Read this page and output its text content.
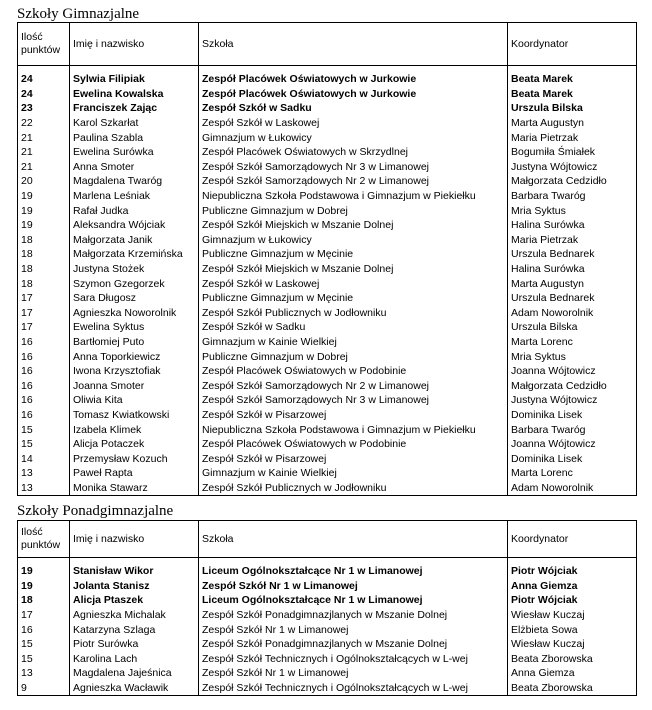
Szkoły Gimnazjalne
Ilość punktów	Imię i nazwisko	Szkoła	Koordynator

24	Sylwia Filipiak	Zespół Placówek Oświatowych w Jurkowie	Beata Marek
24	Ewelina Kowalska	Zespół Placówek Oświatowych w Jurkowie	Beata Marek
23	Franciszek Zając	Zespół Szkół w Sadku	Urszula Bilska
22	Karol Szkarłat	Zespół Szkół w Laskowej	Marta Augustyn
21	Paulina Szabla	Gimnazjum w Łukowicy	Maria Pietrzak
21	Ewelina Surówka	Zespół Placówek Oświatowych w Skrzydlnej	Bogumiła Śmiałek
21	Anna Smoter	Zespół Szkół Samorządowych Nr 3 w Limanowej	Justyna Wójtowicz
20	Magdalena Twaróg	Zespół Szkół Samorządowych Nr 2 w Limanowej	Małgorzata Cedzidło
19	Marlena Leśniak	Niepubliczna Szkoła Podstawowa i Gimnazjum w Piekiełku	Barbara Twaróg
19	Rafał Judka	Publiczne Gimnazjum w Dobrej	Mria Syktus
19	Aleksandra Wójciak	Zespół Szkół Miejskich w Mszanie Dolnej	Halina Surówka
18	Małgorzata Janik	Gimnazjum w Łukowicy	Maria Pietrzak
18	Małgorzata Krzemińska	Publiczne Gimnazjum w Męcinie	Urszula Bednarek
18	Justyna Stożek	Zespół Szkół Miejskich w Mszanie Dolnej	Halina Surówka
18	Szymon Gzegorzek	Zespół Szkół w Laskowej	Marta Augustyn
17	Sara Długosz	Publiczne Gimnazjum w Męcinie	Urszula Bednarek
17	Agnieszka Noworolnik	Zespół Szkół Publicznych w Jodłowniku	Adam Noworolnik
17	Ewelina Syktus	Zespół Szkół w Sadku	Urszula Bilska
16	Bartłomiej Puto	Gimnazjum w Kainie Wielkiej	Marta Lorenc
16	Anna Toporkiewicz	Publiczne Gimnazjum w Dobrej	Mria Syktus
16	Iwona Krzysztofiak	Zespół Placówek Oświatowych w Podobinie	Joanna Wójtowicz
16	Joanna Smoter	Zespół Szkół Samorządowych Nr 2 w Limanowej	Małgorzata Cedzidło
16	Oliwia Kita	Zespół Szkół Samorządowych Nr 3 w Limanowej	Justyna Wójtowicz
16	Tomasz Kwiatkowski	Zespół Szkół w Pisarzowej	Dominika Lisek
15	Izabela Klimek	Niepubliczna Szkoła Podstawowa i Gimnazjum w Piekiełku	Barbara Twaróg
15	Alicja Potaczek	Zespół Placówek Oświatowych w Podobinie	Joanna Wójtowicz
14	Przemysław Kozuch	Zespół Szkół w Pisarzowej	Dominika Lisek
13	Paweł Rapta	Gimnazjum w Kainie Wielkiej	Marta Lorenc
13	Monika Stawarz	Zespół Szkół Publicznych w Jodłowniku	Adam Noworolnik
Szkoły Ponadgimnazjalne
Ilość punktów	Imię i nazwisko	Szkoła	Koordynator

19	Stanisław Wikor	Liceum Ogólnokształcące Nr 1 w Limanowej	Piotr Wójciak
19	Jolanta Stanisz	Zespół Szkół Nr 1 w Limanowej	Anna Giemza
18	Alicja Ptaszek	Liceum Ogólnokształcące Nr 1 w Limanowej	Piotr Wójciak
17	Agnieszka Michalak	Zespół Szkół Ponadgimnazjlanych w Mszanie Dolnej	Wiesław Kuczaj
16	Katarzyna Szlaga	Zespół Szkół Nr 1 w Limanowej	Elżbieta Sowa
15	Piotr Surówka	Zespół Szkół Ponadgimnazjlanych w Mszanie Dolnej	Wiesław Kuczaj
15	Karolina Lach	Zespół Szkół Technicznych i Ogólnokształcących w L-wej	Beata Zborowska
13	Magdalena Jajeśnica	Zespół Szkół Nr 1 w Limanowej	Anna Giemza
9	Agnieszka Wacławik	Zespół Szkół Technicznych i Ogólnokształcących w L-wej	Beata Zborowska
